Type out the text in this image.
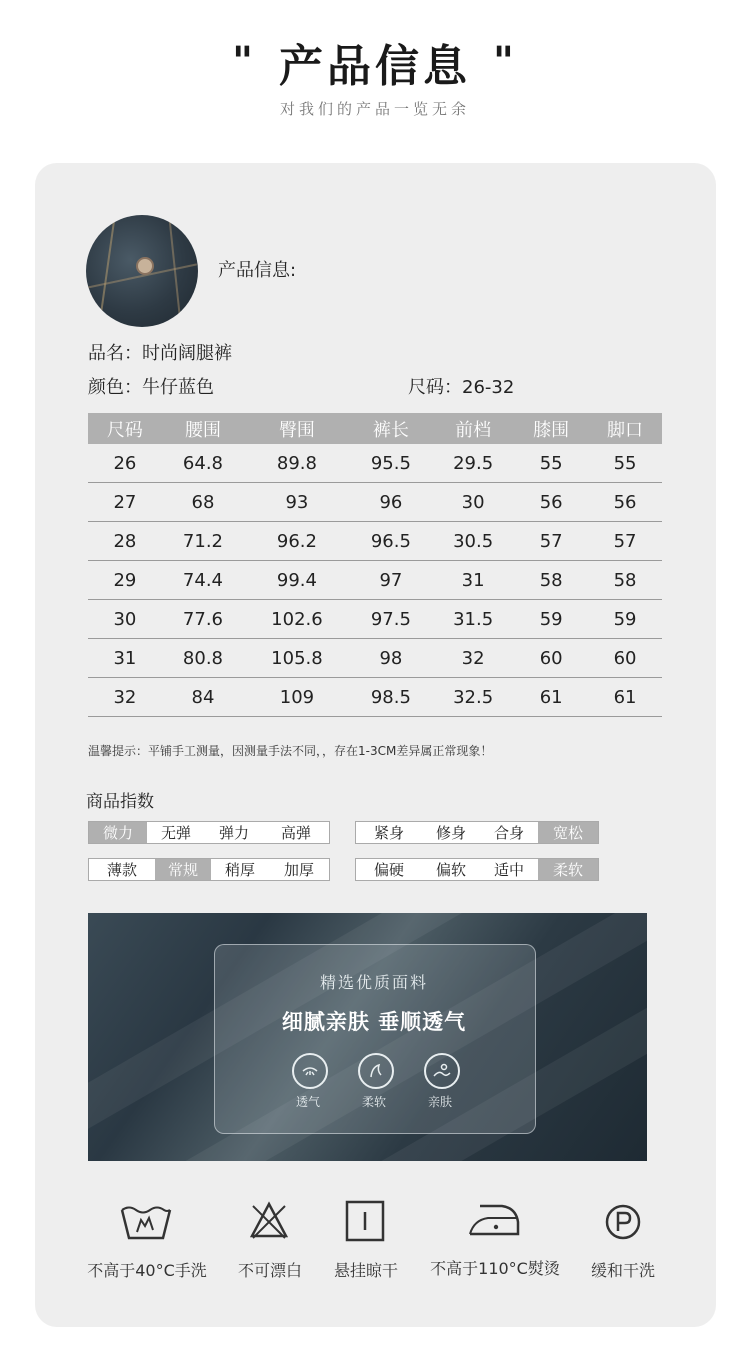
" 产品信息 "
对我们的产品一览无余
产品信息:
品名：时尚阔腿裤
颜色：牛仔蓝色	尺码：26-32
尺码	腰围	臀围	裤长	前档	膝围	脚口
26	64.8	89.8	95.5	29.5	55	55
27	68	93	96	30	56	56
28	71.2	96.2	96.5	30.5	57	57
29	74.4	99.4	97	31	58	58
30	77.6	102.6	97.5	31.5	59	59
31	80.8	105.8	98	32	60	60
32	84	109	98.5	32.5	61	61
温馨提示：平铺手工测量，因测量手法不同，，存在1-3CM差异属正常现象！
商品指数
微力	无弹	弹力	高弹	紧身	修身	合身	宽松
薄款	常规	稍厚	加厚	偏硬	偏软	适中	柔软
精选优质面料
细腻亲肤 垂顺透气
透气	柔软	亲肤
不高于40°C手洗	不可漂白	悬挂晾干	不高于110°C熨烫	缓和干洗
